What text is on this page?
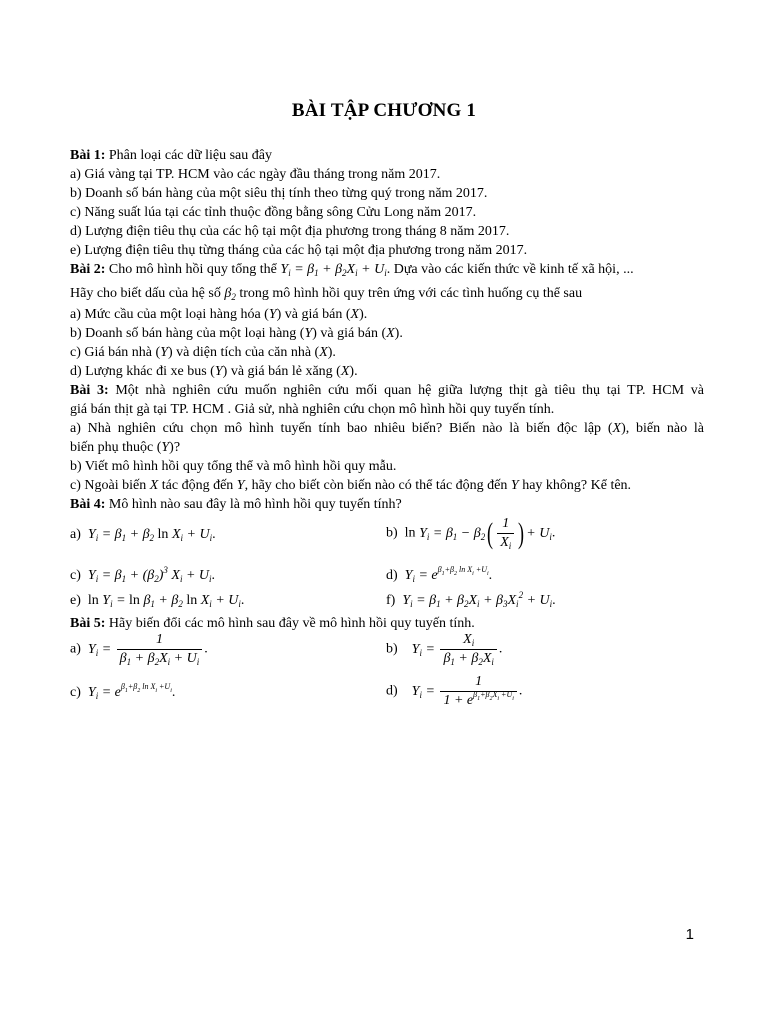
BÀI TẬP CHƯƠNG 1
Bài 1: Phân loại các dữ liệu sau đây
a) Giá vàng tại TP. HCM vào các ngày đầu tháng trong năm 2017.
b) Doanh số bán hàng của một siêu thị tính theo từng quý trong năm 2017.
c) Năng suất lúa tại các tỉnh thuộc đồng bằng sông Cửu Long năm 2017.
d) Lượng điện tiêu thụ của các hộ tại một địa phương trong tháng 8 năm 2017.
e) Lượng điện tiêu thụ từng tháng của các hộ tại một địa phương trong năm 2017.
Bài 2: Cho mô hình hồi quy tổng thể $Y_i = \beta_1 + \beta_2X_i + U_i$. Dựa vào các kiến thức về kinh tế xã hội, ...
Hãy cho biết dấu của hệ số $\beta_2$ trong mô hình hồi quy trên ứng với các tình huống cụ thể sau
a) Mức cầu của một loại hàng hóa (Y) và giá bán (X).
b) Doanh số bán hàng của một loại hàng (Y) và giá bán (X).
c) Giá bán nhà (Y) và diện tích của căn nhà (X).
d) Lượng khác đi xe bus (Y) và giá bán lẻ xăng (X).
Bài 3: Một nhà nghiên cứu muốn nghiên cứu mối quan hệ giữa lượng thịt gà tiêu thụ tại TP. HCM và
giá bán thịt gà tại TP. HCM . Giả sử, nhà nghiên cứu chọn mô hình hồi quy tuyến tính.
a) Nhà nghiên cứu chọn mô hình tuyến tính bao nhiêu biến? Biến nào là biến độc lập (X), biến nào là
biến phụ thuộc (Y)?
b) Viết mô hình hồi quy tổng thể và mô hình hồi quy mẫu.
c) Ngoài biến X tác động đến Y, hãy cho biết còn biến nào có thể tác động đến Y hay không? Kể tên.
Bài 4: Mô hình nào sau đây là mô hình hồi quy tuyến tính?
a) $Y_i = \beta_1 + \beta_2$ $\ln X_i + U_i$.	b)  $\ln Y_i = \beta_1 - \beta_2( \frac{1}{X_i}$ ) + $U_i$.
c) $Y_i = \beta_1 + (\beta_2)^3$ $X_i + U_i$.	d) $Y_i = e^{\beta_1+\beta_2 ln X_i +U_i}$.
e)  $\ln Y_i = \ln \beta_1 + \beta_2$ $\ln X_i + U_i$.	f) $Y_i = \beta_1 + \beta_2X_i + \beta_3X_i^2 + U_i$.
Bài 5: Hãy biến đổi các mô hình sau đây về mô hình hồi quy tuyến tính.
a) $Y_i = \frac{1}{\beta_1 + \beta_2X_i + U_i}$ .	b) $Y_i = \frac{X_i}{\beta_1 + \beta_2X_i}$ .
c) $Y_i = e^{\beta_1+\beta_2 ln X_i +U_i}$.	d) $Y_i = \frac{1}{1 + e^{\beta_1+\beta_2X_i +U_i}}$ .
1
